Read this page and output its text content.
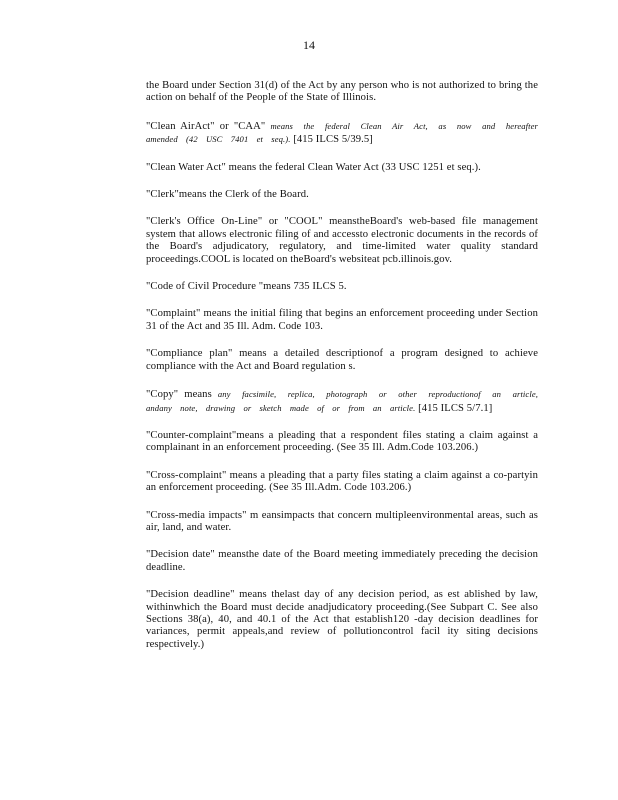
14

the Board under Section 31(d) of the Act by any person who is not authorized to bring the action on behalf of the People of the State of Illinois.

"Clean AirAct" or "CAA" means the federal Clean Air Act, as now and hereafter amended (42 USC 7401 et seq.). [415 ILCS 5/39.5]

"Clean Water Act" means the federal Clean Water Act (33 USC 1251 et seq.).

"Clerk"means the Clerk of the Board.

"Clerk's Office On-Line" or "COOL" meanstheBoard's web-based file management system that allows electronic filing of and accessto electronic documents in the records of the Board's adjudicatory, regulatory, and time-limited water quality standard proceedings.COOL is located on theBoard's websiteat pcb.illinois.gov.

"Code of Civil Procedure "means 735 ILCS 5.

"Complaint" means the initial filing that begins an enforcement proceeding under Section 31 of the Act and 35 Ill. Adm. Code 103.

"Compliance plan" means a detailed descriptionof a program designed to achieve compliance with the Act and Board regulation s.

"Copy" means any facsimile, replica, photograph or other reproductionof an article, andany note, drawing or sketch made of or from an article. [415 ILCS 5/7.1]

"Counter-complaint"means a pleading that a respondent files stating a claim against a complainant in an enforcement proceeding. (See 35 Ill. Adm.Code 103.206.)

"Cross-complaint" means a pleading that a party files stating a claim against a co-partyin an enforcement proceeding. (See 35 Ill.Adm. Code 103.206.)

"Cross-media impacts" m eansimpacts that concern multipleenvironmental areas, such as air, land, and water.

"Decision date" meansthe date of the Board meeting immediately preceding the decision deadline.

"Decision deadline" means thelast day of any decision period, as est ablished by law, withinwhich the Board must decide anadjudicatory proceeding.(See Subpart C. See also Sections 38(a), 40, and 40.1 of the Act that establish120 -day decision deadlines for variances, permit appeals,and review of pollutioncontrol facil ity siting decisions respectively.)
